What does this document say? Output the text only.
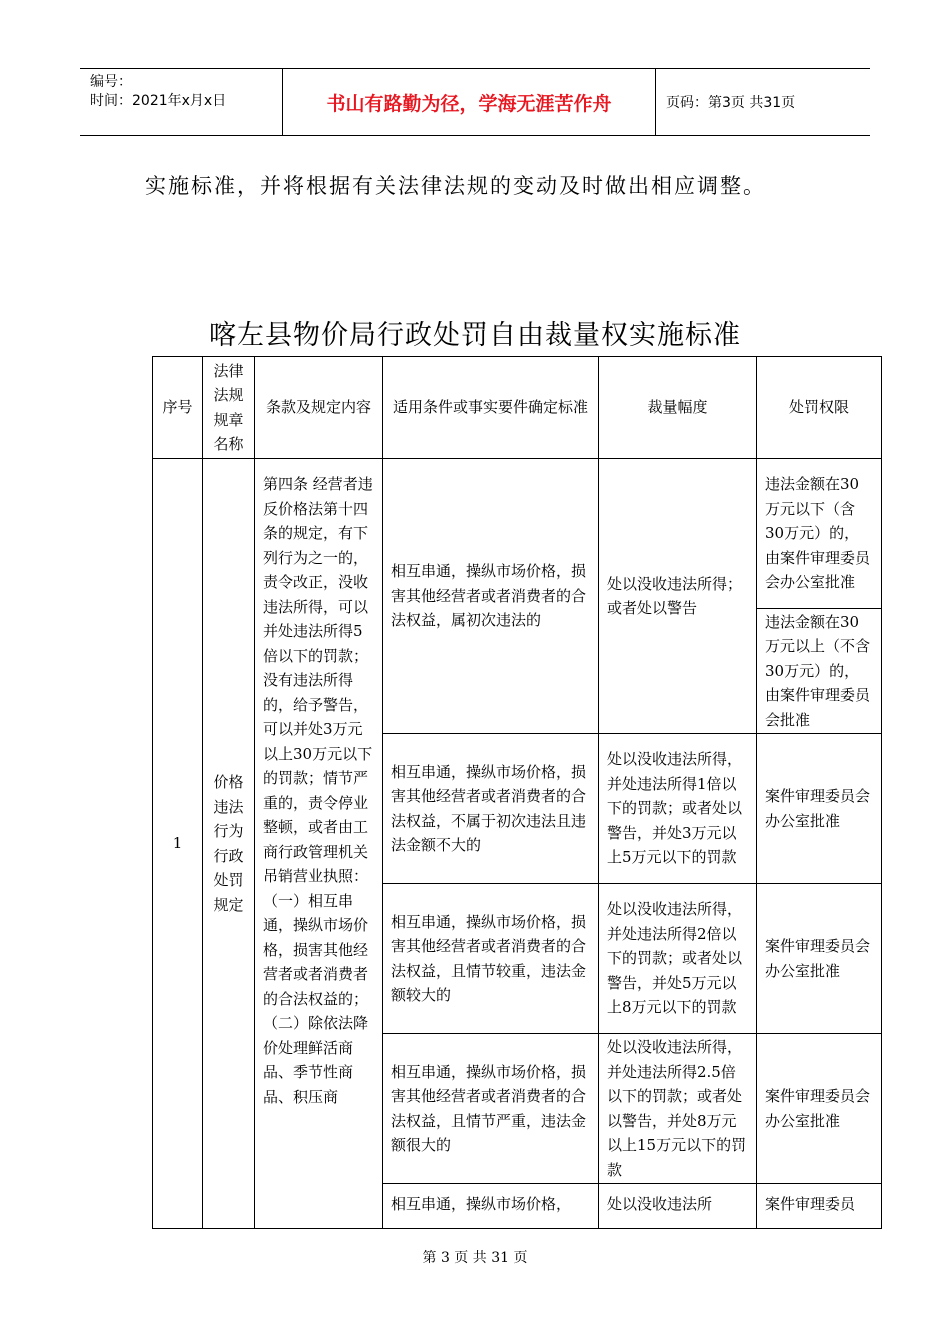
编号：
时间：2021年x月x日	书山有路勤为径，学海无涯苦作舟	页码：第3页 共31页
实施标准，并将根据有关法律法规的变动及时做出相应调整。
喀左县物价局行政处罚自由裁量权实施标准
序号	法律法规规章名称	条款及规定内容	适用条件或事实要件确定标准	裁量幅度	处罚权限
1	价格违法行为行政处罚规定	第四条 经营者违反价格法第十四条的规定，有下列行为之一的，责令改正，没收违法所得，可以并处违法所得5倍以下的罚款；没有违法所得的，给予警告，可以并处3万元以上30万元以下的罚款；情节严重的，责令停业整顿，或者由工商行政管理机关吊销营业执照：
（一）相互串通，操纵市场价格，损害其他经营者或者消费者的合法权益的；
（二）除依法降价处理鲜活商品、季节性商品、积压商	相互串通，操纵市场价格，损害其他经营者或者消费者的合法权益，属初次违法的	处以没收违法所得；或者处以警告	违法金额在30万元以下（含30万元）的，由案件审理委员会办公室批准
					违法金额在30万元以上（不含30万元）的，由案件审理委员会批准
			相互串通，操纵市场价格，损害其他经营者或者消费者的合法权益，不属于初次违法且违法金额不大的	处以没收违法所得，并处违法所得1倍以下的罚款；或者处以警告，并处3万元以上5万元以下的罚款	案件审理委员会办公室批准
			相互串通，操纵市场价格，损害其他经营者或者消费者的合法权益，且情节较重，违法金额较大的	处以没收违法所得，并处违法所得2倍以下的罚款；或者处以警告，并处5万元以上8万元以下的罚款	案件审理委员会办公室批准
			相互串通，操纵市场价格，损害其他经营者或者消费者的合法权益，且情节严重，违法金额很大的	处以没收违法所得，并处违法所得2.5倍以下的罚款；或者处以警告，并处8万元以上15万元以下的罚款	案件审理委员会办公室批准
			相互串通，操纵市场价格，	处以没收违法所	案件审理委员
第 3 页 共 31 页
